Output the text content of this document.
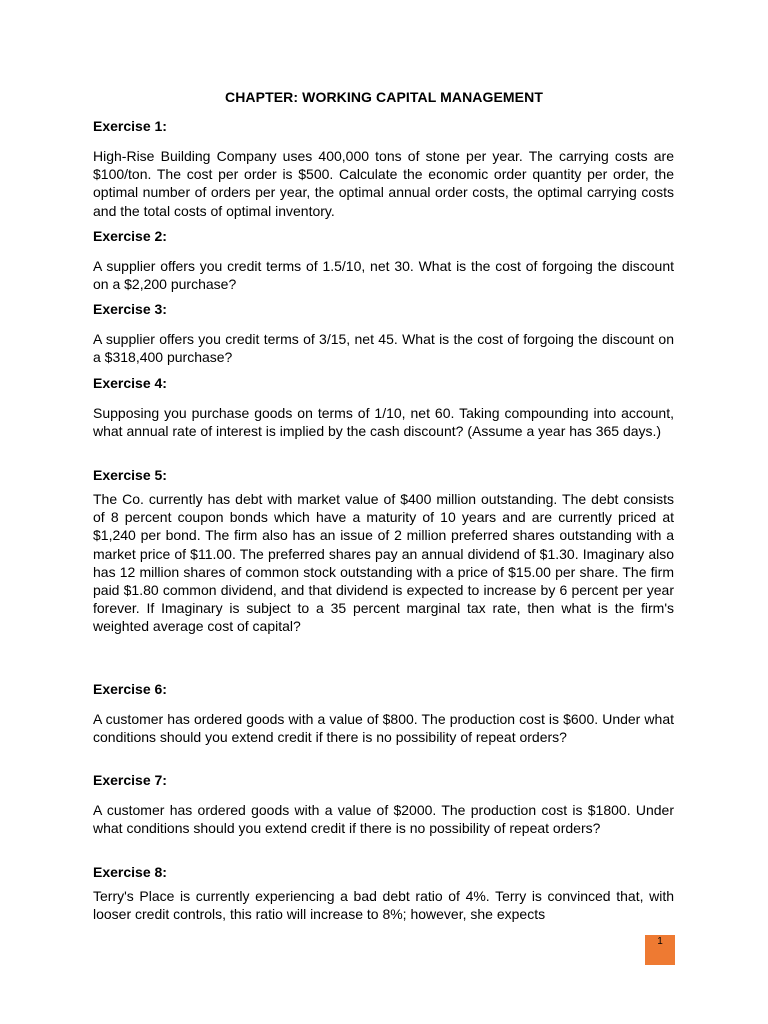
CHAPTER: WORKING CAPITAL MANAGEMENT
Exercise 1:
High-Rise Building Company uses 400,000 tons of stone per year. The carrying costs are $100/ton. The cost per order is $500. Calculate the economic order quantity per order, the optimal number of orders per year, the optimal annual order costs, the optimal carrying costs and the total costs of optimal inventory.
Exercise 2:
A supplier offers you credit terms of 1.5/10, net 30. What is the cost of forgoing the discount on a $2,200 purchase?
Exercise 3:
A supplier offers you credit terms of 3/15, net 45. What is the cost of forgoing the discount on a $318,400 purchase?
Exercise 4:
Supposing you purchase goods on terms of 1/10, net 60. Taking compounding into account, what annual rate of interest is implied by the cash discount? (Assume a year has 365 days.)
Exercise 5:
The Co. currently has debt with market value of $400 million outstanding. The debt consists of 8 percent coupon bonds which have a maturity of 10 years and are currently priced at $1,240 per bond. The firm also has an issue of 2 million preferred shares outstanding with a market price of $11.00. The preferred shares pay an annual dividend of $1.30. Imaginary also has 12 million shares of common stock outstanding with a price of $15.00 per share. The firm paid $1.80 common dividend, and that dividend is expected to increase by 6 percent per year forever. If Imaginary is subject to a 35 percent marginal tax rate, then what is the firm's weighted average cost of capital?
Exercise 6:
A customer has ordered goods with a value of $800. The production cost is $600. Under what conditions should you extend credit if there is no possibility of repeat orders?
Exercise 7:
A customer has ordered goods with a value of $2000. The production cost is $1800. Under what conditions should you extend credit if there is no possibility of repeat orders?
Exercise 8:
Terry's Place is currently experiencing a bad debt ratio of 4%. Terry is convinced that, with looser credit controls, this ratio will increase to 8%; however, she expects
1
